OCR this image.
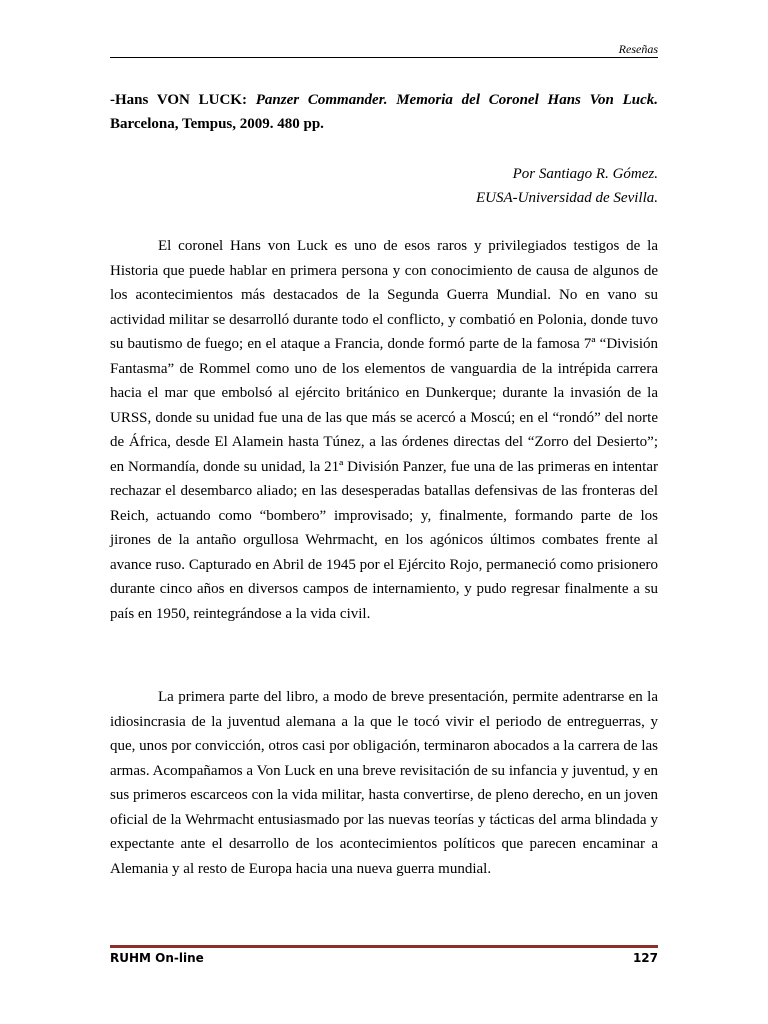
Reseñas
-Hans VON LUCK: Panzer Commander. Memoria del Coronel Hans Von Luck. Barcelona, Tempus, 2009. 480 pp.
Por Santiago R. Gómez.
EUSA-Universidad de Sevilla.

El coronel Hans von Luck es uno de esos raros y privilegiados testigos de la Historia que puede hablar en primera persona y con conocimiento de causa de algunos de los acontecimientos más destacados de la Segunda Guerra Mundial. No en vano su actividad militar se desarrolló durante todo el conflicto, y combatió en Polonia, donde tuvo su bautismo de fuego; en el ataque a Francia, donde formó parte de la famosa 7ª “División Fantasma” de Rommel como uno de los elementos de vanguardia de la intrépida carrera hacia el mar que embolsó al ejército británico en Dunkerque; durante la invasión de la URSS, donde su unidad fue una de las que más se acercó a Moscú; en el “rondó” del norte de África, desde El Alamein hasta Túnez, a las órdenes directas del “Zorro del Desierto”; en Normandía, donde su unidad, la 21ª División Panzer, fue una de las primeras en intentar rechazar el desembarco aliado; en las desesperadas batallas defensivas de las fronteras del Reich, actuando como “bombero” improvisado; y, finalmente, formando parte de los jirones de la antaño orgullosa Wehrmacht, en los agónicos últimos combates frente al avance ruso. Capturado en Abril de 1945 por el Ejército Rojo, permaneció como prisionero durante cinco años en diversos campos de internamiento, y pudo regresar finalmente a su país en 1950, reintegrándose a la vida civil.

La primera parte del libro, a modo de breve presentación, permite adentrarse en la idiosincrasia de la juventud alemana a la que le tocó vivir el periodo de entreguerras, y que, unos por convicción, otros casi por obligación, terminaron abocados a la carrera de las armas. Acompañamos a Von Luck en una breve revisitación de su infancia y juventud, y en sus primeros escarceos con la vida militar, hasta convertirse, de pleno derecho, en un joven oficial de la Wehrmacht entusiasmado por las nuevas teorías y tácticas del arma blindada y expectante ante el desarrollo de los acontecimientos políticos que parecen encaminar a Alemania y al resto de Europa hacia una nueva guerra mundial.

RUHM On-line	127
